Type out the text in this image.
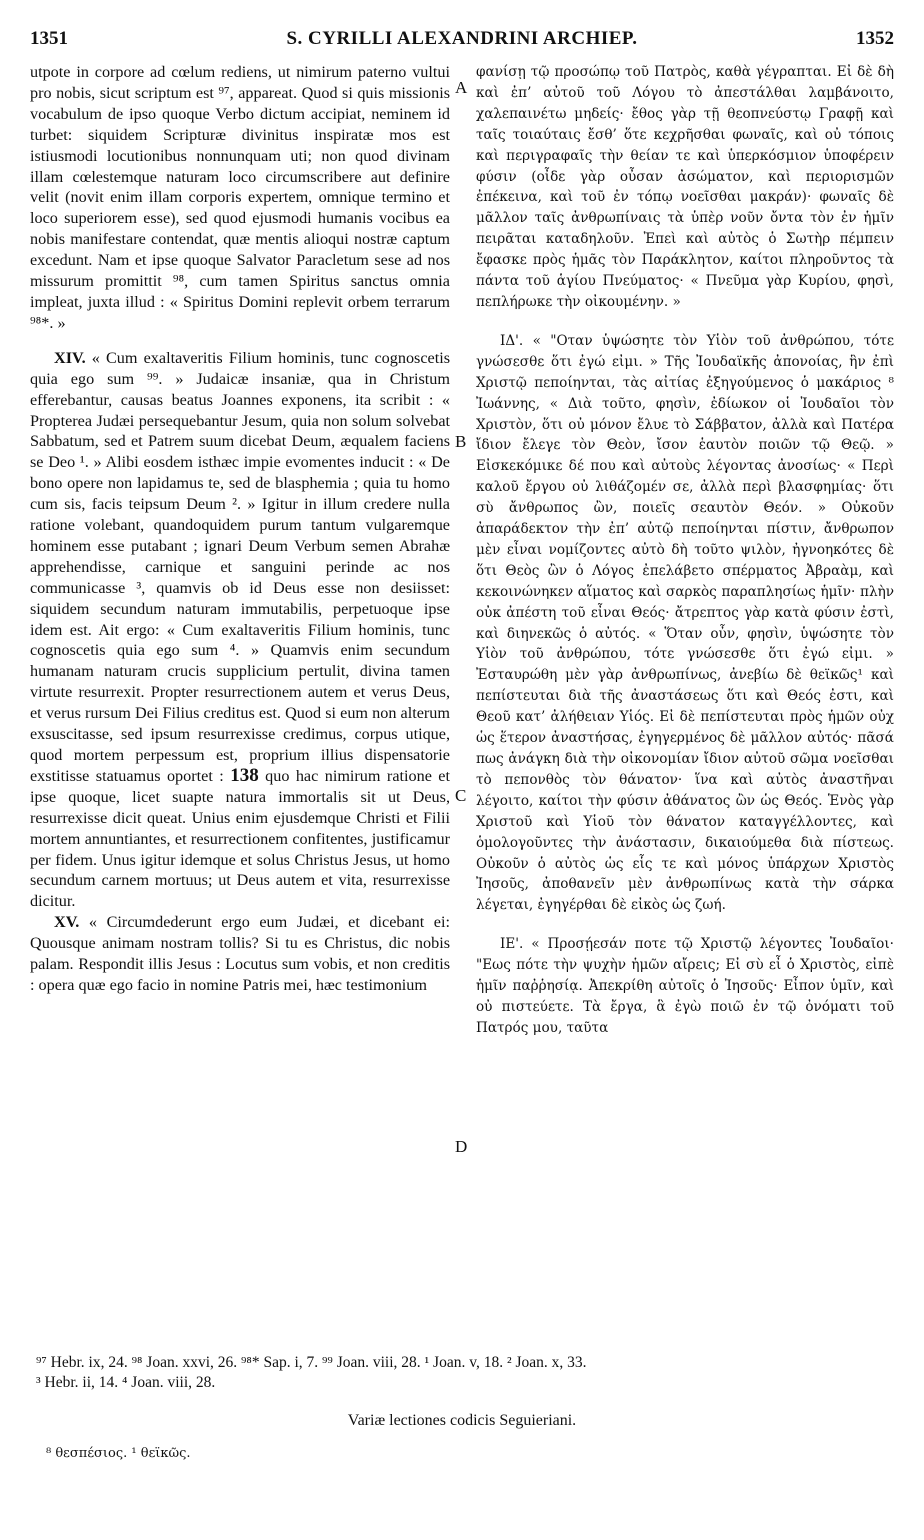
1351	S. CYRILLI ALEXANDRINI ARCHIEP.	1352

utpote in corpore ad cœlum rediens, ut nimirum paterno vultui pro nobis, sicut scriptum est ⁹⁷, appareat. Quod si quis missionis vocabulum de ipso quoque Verbo dictum accipiat, neminem id turbet: siquidem Scripturæ divinitus inspiratæ mos est istiusmodi locutionibus nonnunquam uti; non quod divinam illam cœlestemque naturam loco circumscribere aut definire velit (novit enim illam corporis expertem, omnique termino et loco superiorem esse), sed quod ejusmodi humanis vocibus ea nobis manifestare contendat, quæ mentis alioqui nostræ captum excedunt. Nam et ipse quoque Salvator Paracletum sese ad nos missurum promittit ⁹⁸, cum tamen Spiritus sanctus omnia impleat, juxta illud : « Spiritus Domini replevit orbem terrarum ⁹⁸*. »

XIV. « Cum exaltaveritis Filium hominis, tunc cognoscetis quia ego sum ⁹⁹. » Judaicæ insaniæ, qua in Christum efferebantur, causas beatus Joannes exponens, ita scribit : « Propterea Judæi persequebantur Jesum, quia non solum solvebat Sabbatum, sed et Patrem suum dicebat Deum, æqualem faciens se Deo ¹. » Alibi eosdem isthæc impie evomentes inducit : « De bono opere non lapidamus te, sed de blasphemia ; quia tu homo cum sis, facis teipsum Deum ². » Igitur in illum credere nulla ratione volebant, quandoquidem purum tantum vulgaremque hominem esse putabant ; ignari Deum Verbum semen Abrahæ apprehendisse, carnique et sanguini perinde ac nos communicasse ³, quamvis ob id Deus esse non desiisset: siquidem secundum naturam immutabilis, perpetuoque ipse idem est. Ait ergo: « Cum exaltaveritis Filium hominis, tunc cognoscetis quia ego sum ⁴. » Quamvis enim secundum humanam naturam crucis supplicium pertulit, divina tamen virtute resurrexit. Propter resurrectionem autem et verus Deus, et verus rursum Dei Filius creditus est. Quod si eum non alterum exsuscitasse, sed ipsum resurrexisse credimus, corpus utique, quod mortem perpessum est, proprium illius dispensatorie exstitisse statuamus oportet : 138 quo hac nimirum ratione et ipse quoque, licet suapte natura immortalis sit ut Deus, resurrexisse dicit queat. Unius enim ejusdemque Christi et Filii mortem annuntiantes, et resurrectionem confitentes, justificamur per fidem. Unus igitur idemque et solus Christus Jesus, ut homo secundum carnem mortuus; ut Deus autem et vita, resurrexisse dicitur.

XV. « Circumdederunt ergo eum Judæi, et dicebant ei: Quousque animam nostram tollis? Si tu es Christus, dic nobis palam. Respondit illis Jesus : Locutus sum vobis, et non creditis : opera quæ ego facio in nomine Patris mei, hæc testimonium

φανίσῃ τῷ προσώπῳ τοῦ Πατρὸς, καθὰ γέγραπται. Εἰ δὲ δὴ καὶ ἐπ’ αὐτοῦ τοῦ Λόγου τὸ ἀπεστάλθαι λαμβάνοιτο, χαλεπαινέτω μηδείς· ἔθος γὰρ τῇ θεοπνεύστῳ Γραφῇ καὶ ταῖς τοιαύταις ἔσθ’ ὅτε κεχρῆσθαι φωναῖς, καὶ οὐ τόποις καὶ περιγραφαῖς τὴν θείαν τε καὶ ὑπερκόσμιον ὑποφέρειν φύσιν (οἶδε γὰρ οὖσαν ἀσώματον, καὶ περιορισμῶν ἐπέκεινα, καὶ τοῦ ἐν τόπῳ νοεῖσθαι μακράν)· φωναῖς δὲ μᾶλλον ταῖς ἀνθρωπίναις τὰ ὑπὲρ νοῦν ὄντα τὸν ἐν ἡμῖν πειρᾶται καταδηλοῦν. Ἐπεὶ καὶ αὐτὸς ὁ Σωτὴρ πέμπειν ἔφασκε πρὸς ἡμᾶς τὸν Παράκλητον, καίτοι πληροῦντος τὰ πάντα τοῦ ἁγίου Πνεύματος· « Πνεῦμα γὰρ Κυρίου, φησὶ, πεπλήρωκε τὴν οἰκουμένην. »

ΙΔ'. « "Οταν ὑψώσητε τὸν Υἱὸν τοῦ ἀνθρώπου, τότε γνώσεσθε ὅτι ἐγώ εἰμι. » Τῆς Ἰουδαϊκῆς ἀπονοίας, ἣν ἐπὶ Χριστῷ πεποίηνται, τὰς αἰτίας ἐξηγούμενος ὁ μακάριος ⁸ Ἰωάννης, « Διὰ τοῦτο, φησὶν, ἐδίωκον οἱ Ἰουδαῖοι τὸν Χριστὸν, ὅτι οὐ μόνον ἔλυε τὸ Σάββατον, ἀλλὰ καὶ Πατέρα ἴδιον ἔλεγε τὸν Θεὸν, ἴσον ἑαυτὸν ποιῶν τῷ Θεῷ. » Εἰσκεκόμικε δέ που καὶ αὐτοὺς λέγοντας ἀνοσίως· « Περὶ καλοῦ ἔργου οὐ λιθάζομέν σε, ἀλλὰ περὶ βλασφημίας· ὅτι σὺ ἄνθρωπος ὢν, ποιεῖς σεαυτὸν Θεόν. » Οὐκοῦν ἀπαράδεκτον τὴν ἐπ’ αὐτῷ πεποίηνται πίστιν, ἄνθρωπον μὲν εἶναι νομίζοντες αὐτὸ δὴ τοῦτο ψιλὸν, ἠγνοηκότες δὲ ὅτι Θεὸς ὢν ὁ Λόγος ἐπελάβετο σπέρματος Ἀβραὰμ, καὶ κεκοινώνηκεν αἵματος καὶ σαρκὸς παραπλησίως ἡμῖν· πλὴν οὐκ ἀπέστη τοῦ εἶναι Θεός· ἄτρεπτος γὰρ κατὰ φύσιν ἐστὶ, καὶ διηνεκῶς ὁ αὐτός. « Ὅταν οὖν, φησὶν, ὑψώσητε τὸν Υἱὸν τοῦ ἀνθρώπου, τότε γνώσεσθε ὅτι ἐγώ εἰμι. » Ἐσταυρώθη μὲν γὰρ ἀνθρωπίνως, ἀνεβίω δὲ θεϊκῶς¹ καὶ πεπίστευται διὰ τῆς ἀναστάσεως ὅτι καὶ Θεός ἐστι, καὶ Θεοῦ κατ’ ἀλήθειαν Υἱός. Εἰ δὲ πεπίστευται πρὸς ἡμῶν οὐχ ὡς ἕτερον ἀναστήσας, ἐγηγερμένος δὲ μᾶλλον αὐτός· πᾶσά πως ἀνάγκη διὰ τὴν οἰκονομίαν ἴδιον αὐτοῦ σῶμα νοεῖσθαι τὸ πεπονθὸς τὸν θάνατον· ἵνα καὶ αὐτὸς ἀναστῆναι λέγοιτο, καίτοι τὴν φύσιν ἀθάνατος ὢν ὡς Θεός. Ἑνὸς γὰρ Χριστοῦ καὶ Υἱοῦ τὸν θάνατον καταγγέλλοντες, καὶ ὁμολογοῦντες τὴν ἀνάστασιν, δικαιούμεθα διὰ πίστεως. Οὐκοῦν ὁ αὐτὸς ὡς εἷς τε καὶ μόνος ὑπάρχων Χριστὸς Ἰησοῦς, ἀποθανεῖν μὲν ἀνθρωπίνως κατὰ τὴν σάρκα λέγεται, ἐγηγέρθαι δὲ εἰκὸς ὡς ζωή.

ΙΕ'. « Προσῄεσάν ποτε τῷ Χριστῷ λέγοντες Ἰουδαῖοι· "Εως πότε τὴν ψυχὴν ἡμῶν αἴρεις; Εἰ σὺ εἶ ὁ Χριστὸς, εἰπὲ ἡμῖν παῤῥησίᾳ. Ἀπεκρίθη αὐτοῖς ὁ Ἰησοῦς· Εἶπον ὑμῖν, καὶ οὐ πιστεύετε. Τὰ ἔργα, ἃ ἐγὼ ποιῶ ἐν τῷ ὀνόματι τοῦ Πατρός μου, ταῦτα

A
B
C
D
⁹⁷ Hebr. ix, 24. ⁹⁸ Joan. xxvi, 26. ⁹⁸* Sap. i, 7. ⁹⁹ Joan. viii, 28. ¹ Joan. v, 18. ² Joan. x, 33.
³ Hebr. ii, 14. ⁴ Joan. viii, 28.
Variæ lectiones codicis Seguieriani.
⁸ θεσπέσιος. ¹ θεϊκῶς.
